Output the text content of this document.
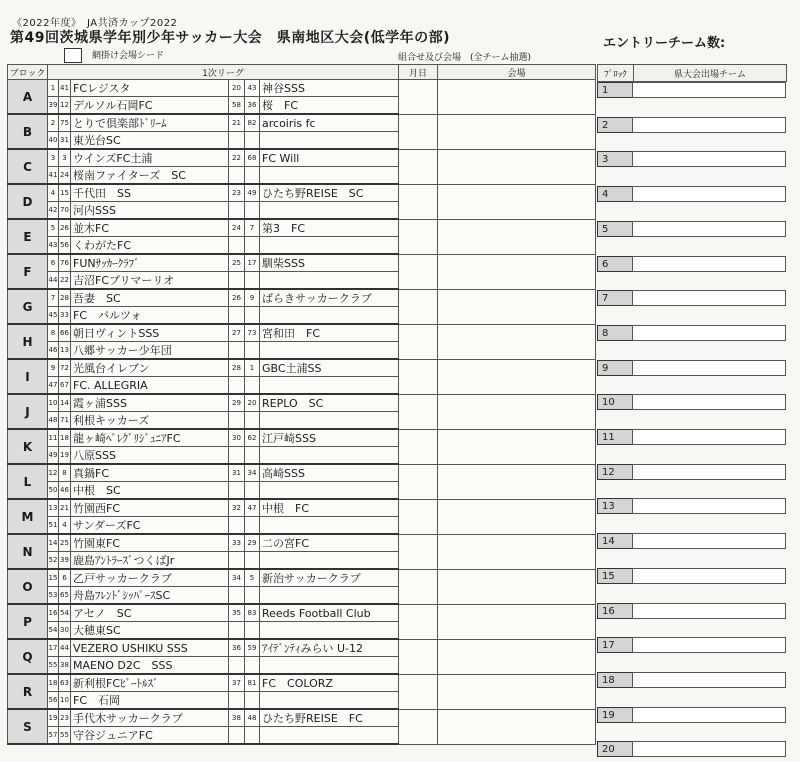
《2022年度》　JA共済カップ2022
第49回茨城県学年別少年サッカー大会　県南地区大会(低学年の部)	エントリーチーム数:
網掛け会場シード	組合せ及び会場　(全チーム抽選)
ブロック	1次リーグ						月日	会場
A	1	41	FCレジスタ	20	43	神谷SSS		
	39	12	デルソル石岡FC	58	36	桜　FC		
B	2	75	とりで倶楽部ﾄﾞﾘｰﾑ	21	82	arcoiris fc		
	40	31	東光台SC					
C	3	3	ウインズFC土浦	22	68	FC Will		
	41	24	桜南ファイターズ　SC					
D	4	15	千代田　SS	23	49	ひたち野REISE　SC		
	42	70	河内SSS					
E	5	26	並木FC	24	7	第3　FC		
	43	56	くわがたFC					
F	6	76	FUNｻｯｶｰｸﾗﾌﾞ	25	17	馴柴SSS		
	44	22	吉沼FCプリマーリオ					
G	7	28	吾妻　SC	26	9	ばらきサッカークラブ		
	45	33	FC　バルツォ					
H	8	66	朝日ヴィントSSS	27	73	宮和田　FC		
	46	13	八郷サッカー少年団					
I	9	72	光風台イレブン	28	1	GBC土浦SS		
	47	67	FC. ALLEGRIA					
J	10	14	霞ヶ浦SSS	29	20	REPLO　SC		
	48	71	利根キッカーズ					
K	11	18	龍ヶ崎ﾍﾟﾚｸﾞﾘｼﾞｭﾆｱFC	30	62	江戸崎SSS		
	49	19	八原SSS					
L	12	8	真鍋FC	31	34	高崎SSS		
	50	46	中根　SC					
M	13	21	竹園西FC	32	47	中根　FC		
	51	4	サンダーズFC					
N	14	25	竹園東FC	33	29	二の宮FC		
	52	39	鹿島ｱﾝﾄﾗｰｽﾞつくばJr					
O	15	6	乙戸サッカークラブ	34	5	新治サッカークラブ		
	53	65	舟島ﾌﾚﾝﾄﾞｼｯﾊﾟｰｽSC					
P	16	54	アセノ　SC	35	83	Reeds Football Club		
	54	30	大穂東SC					
Q	17	44	VEZERO USHIKU SSS	36	59	ｱｲﾃﾞﾝﾃｨみらい U-12		
	55	38	MAENO D2C　SSS					
R	18	63	新利根FCﾋﾞｰﾄﾙｽﾞ	37	81	FC　COLORZ		
	56	10	FC　石岡					
S	19	23	手代木サッカークラブ	38	48	ひたち野REISE　FC		
	57	55	守谷ジュニアFC					
ﾌﾞﾛｯｸ	県大会出場チーム
1
2
3
4
5
6
7
8
9
10
11
12
13
14
15
16
17
18
19
20
